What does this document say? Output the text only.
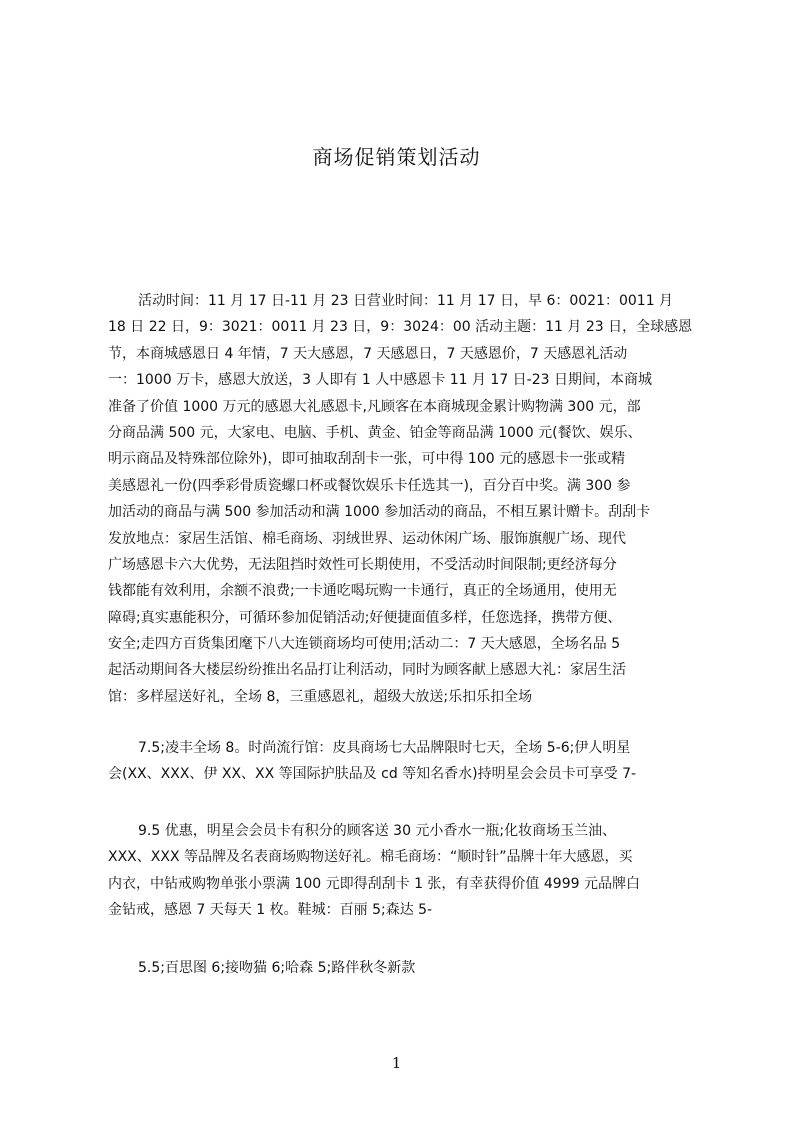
商场促销策划活动
活动时间：11 月 17 日-11 月 23 日营业时间：11 月 17 日，早 6：0021：0011 月
18 日 22 日，9：3021：0011 月 23 日，9：3024：00 活动主题：11 月 23 日，全球感恩
节，本商城感恩日 4 年情，7 天大感恩，7 天感恩日，7 天感恩价，7 天感恩礼活动
一：1000 万卡，感恩大放送，3 人即有 1 人中感恩卡 11 月 17 日-23 日期间，本商城
准备了价值 1000 万元的感恩大礼感恩卡,凡顾客在本商城现金累计购物满 300 元，部
分商品满 500 元，大家电、电脑、手机、黄金、铂金等商品满 1000 元(餐饮、娱乐、
明示商品及特殊部位除外)，即可抽取刮刮卡一张，可中得 100 元的感恩卡一张或精
美感恩礼一份(四季彩骨质瓷螺口杯或餐饮娱乐卡任选其一)，百分百中奖。满 300 参
加活动的商品与满 500 参加活动和满 1000 参加活动的商品，不相互累计赠卡。刮刮卡
发放地点：家居生活馆、棉毛商场、羽绒世界、运动休闲广场、服饰旗舰广场、现代
广场感恩卡六大优势，无法阻挡时效性可长期使用，不受活动时间限制;更经济每分
钱都能有效利用，余额不浪费;一卡通吃喝玩购一卡通行，真正的全场通用，使用无
障碍;真实惠能积分，可循环参加促销活动;好便捷面值多样，任您选择，携带方便、
安全;走四方百货集团麾下八大连锁商场均可使用;活动二：7 天大感恩，全场名品 5
起活动期间各大楼层纷纷推出名品打让利活动，同时为顾客献上感恩大礼：家居生活
馆：多样屋送好礼，全场 8，三重感恩礼，超级大放送;乐扣乐扣全场
7.5;凌丰全场 8。时尚流行馆：皮具商场七大品牌限时七天，全场 5-6;伊人明星
会(XX、XXX、伊 XX、XX 等国际护肤品及 cd 等知名香水)持明星会会员卡可享受 7-
9.5 优惠，明星会会员卡有积分的顾客送 30 元小香水一瓶;化妆商场玉兰油、
XXX、XXX 等品牌及名表商场购物送好礼。棉毛商场：“顺时针”品牌十年大感恩，买
内衣，中钻戒购物单张小票满 100 元即得刮刮卡 1 张，有幸获得价值 4999 元品牌白
金钻戒，感恩 7 天每天 1 枚。鞋城：百丽 5;森达 5-
5.5;百思图 6;接吻猫 6;哈森 5;路伴秋冬新款
1
